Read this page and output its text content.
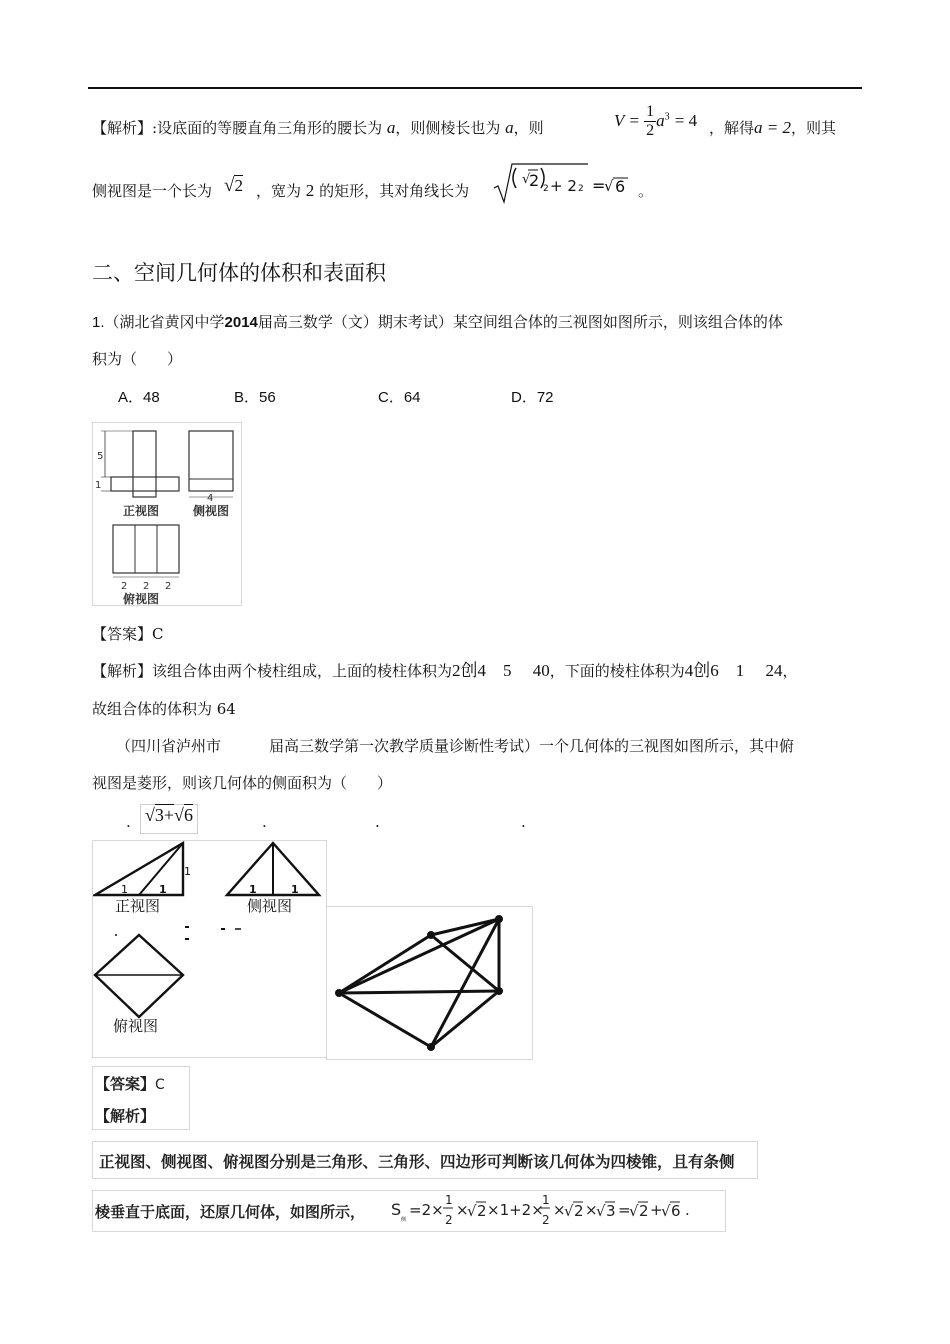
【解析】:设底面的等腰直角三角形的腰长为 a，则侧棱长也为 a，则	$V = \frac{1}{2} a^3 = 4$ ，解得a = 2，则其
侧视图是一个长为 √2 ，宽为 2 的矩形，其对角线长为
√
2 2 + 2 2 =
√ 6 。
二、空间几何体的体积和表面积
1.（湖北省黄冈中学2014届高三数学（文）期末考试）某空间组合体的三视图如图所示，则该组合体的体
积为（　　）
A．48	B．56	C．64	D．72
5
1
正视图
4
侧视图
2 2 2
俯视图
【答案】C
【解析】该组合体由两个棱柱组成，上面的棱柱体积为2创4　5　 40，下面的棱柱体积为4创6　1　 24，
故组合体的体积为 64
（四川省泸州市	届高三数学第一次教学质量诊断性考试）一个几何体的三视图如图所示，其中俯
视图是菱形，则该几何体的侧面积为（　　）
. √3+√6	.	.	.
1	1
1
正视图
1	1
侧视图
俯视图
【答案】C
【解析】
正视图、侧视图、俯视图分别是三角形、三角形、四边形可判断该几何体为四棱锥，且有条侧
棱垂直于底面，还原几何体，如图所示， S
侧
=2×
1
2
×
√ 2 ×1+2×
1
2
×
√ 2 ×
√ 3 =
√ 2 +
√ 6 .
